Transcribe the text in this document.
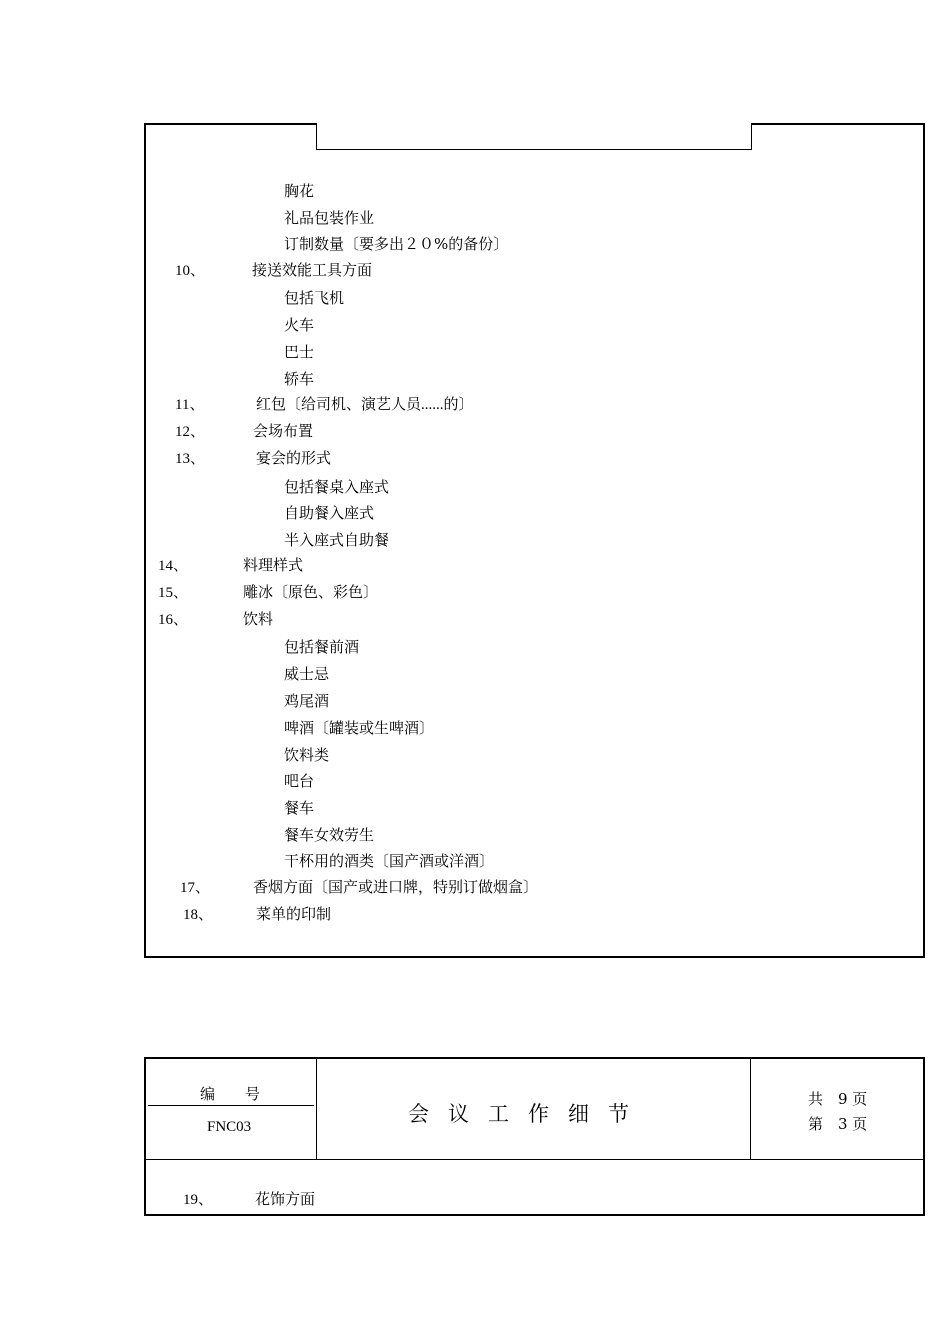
胸花
礼品包装作业
订制数量〔要多出２０%的备份〕
10、	接送效能工具方面
包括飞机
火车
巴士
轿车
11、	红包〔给司机、演艺人员......的〕
12、	会场布置
13、	宴会的形式
包括餐桌入座式
自助餐入座式
半入座式自助餐
14、	料理样式
15、	雕冰〔原色、彩色〕
16、	饮料
包括餐前酒
威士忌
鸡尾酒
啤酒〔罐装或生啤酒〕
饮料类
吧台
餐车
餐车女效劳生
干杯用的酒类〔国产酒或洋酒〕
17、	香烟方面〔国产或进口牌，特别订做烟盒〕
18、	菜单的印制
编　　号
FNC03
会议工作细节
共　9 页
第　3 页
19、	花饰方面
